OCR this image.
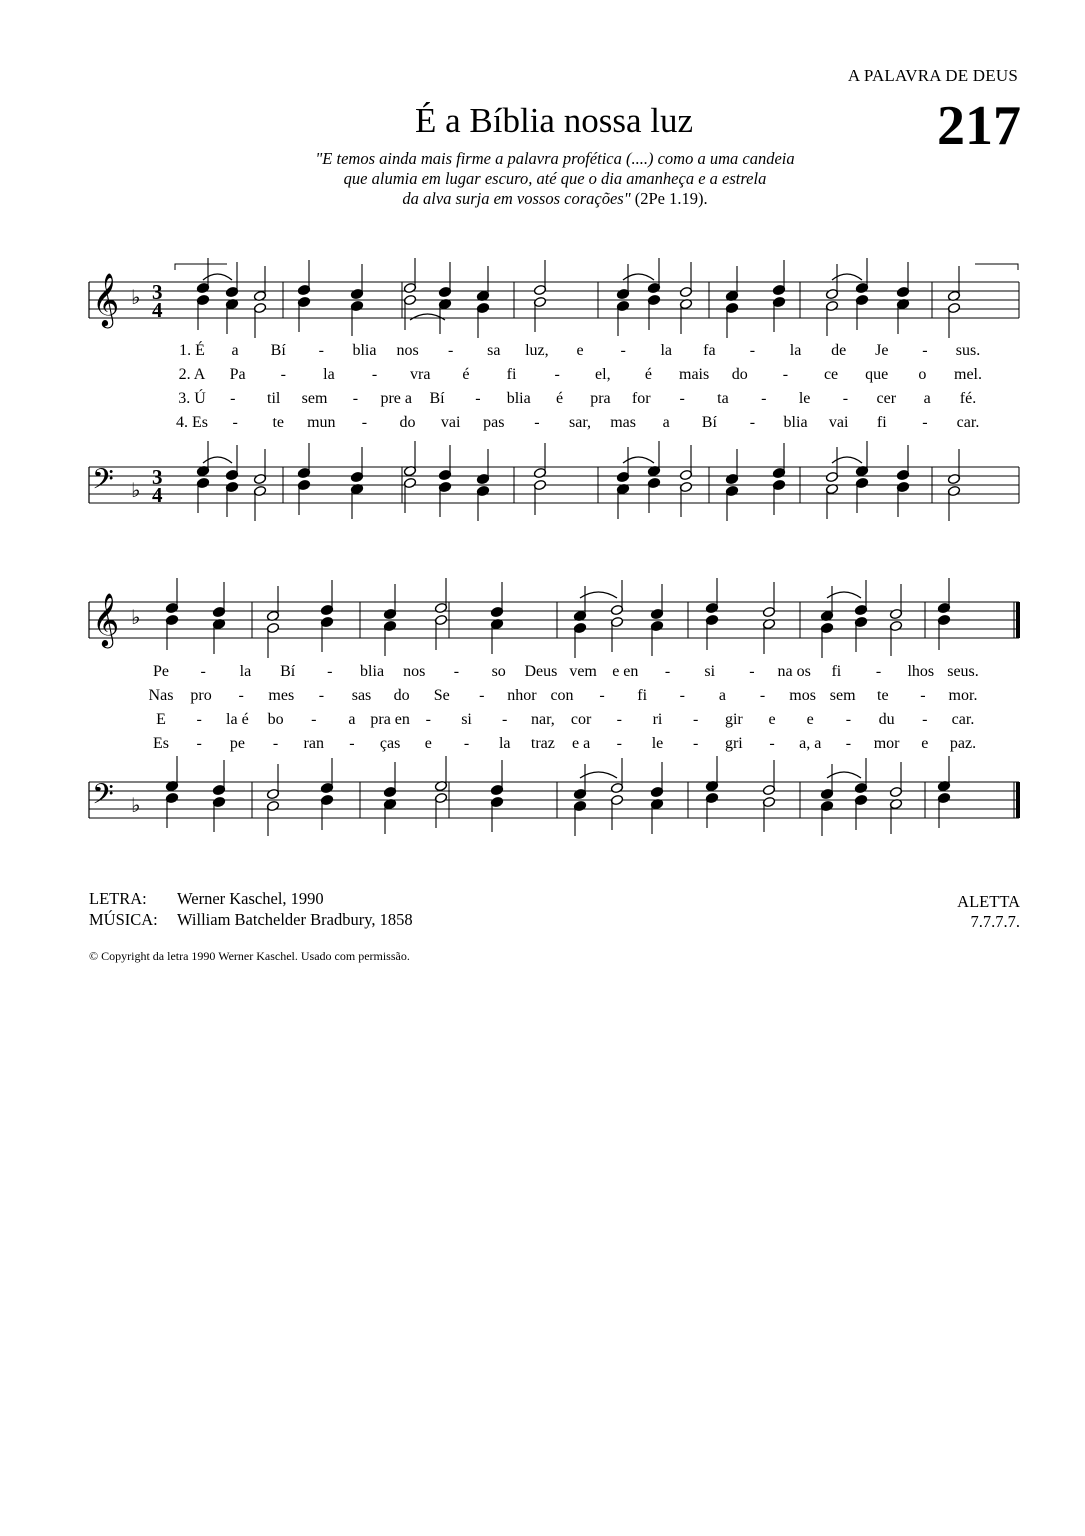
A PALAVRA DE DEUS
217
É a Bíblia nossa luz
"E temos ainda mais firme a palavra profética (....) como a uma candeia
que alumia em lugar escuro, até que o dia amanheça e a estrela
da alva surja em vossos corações" (2Pe 1.19).
𝄞 ♭
𝄢 ♭
3
4
3
4
1. É a Bí - blia nos - sa luz, e - la fa - la de Je - sus.
2. A Pa - la - vra é fi - el, é mais do - ce que o mel.
3. Ú - til sem - pre a Bí - blia é pra for - ta - le - cer a fé.
4. Es - te mun - do vai pas - sar, mas a Bí - blia vai fi - car.
𝄞 ♭
𝄢 ♭
Pe - la Bí - blia nos - so Deus vem e en - si - na os fi - lhos seus.
Nas pro - mes - sas do Se - nhor con - fi - a - mos sem te - mor.
E - la é bo - a pra en - si - nar, cor - ri - gir e e - du - car.
Es - pe - ran - ças e - la traz e a - le - gri - a, a - mor e paz.
LETRA: Werner Kaschel, 1990
MÚSICA: William Batchelder Bradbury, 1858
ALETTA
7.7.7.7.
© Copyright da letra 1990 Werner Kaschel. Usado com permissão.
